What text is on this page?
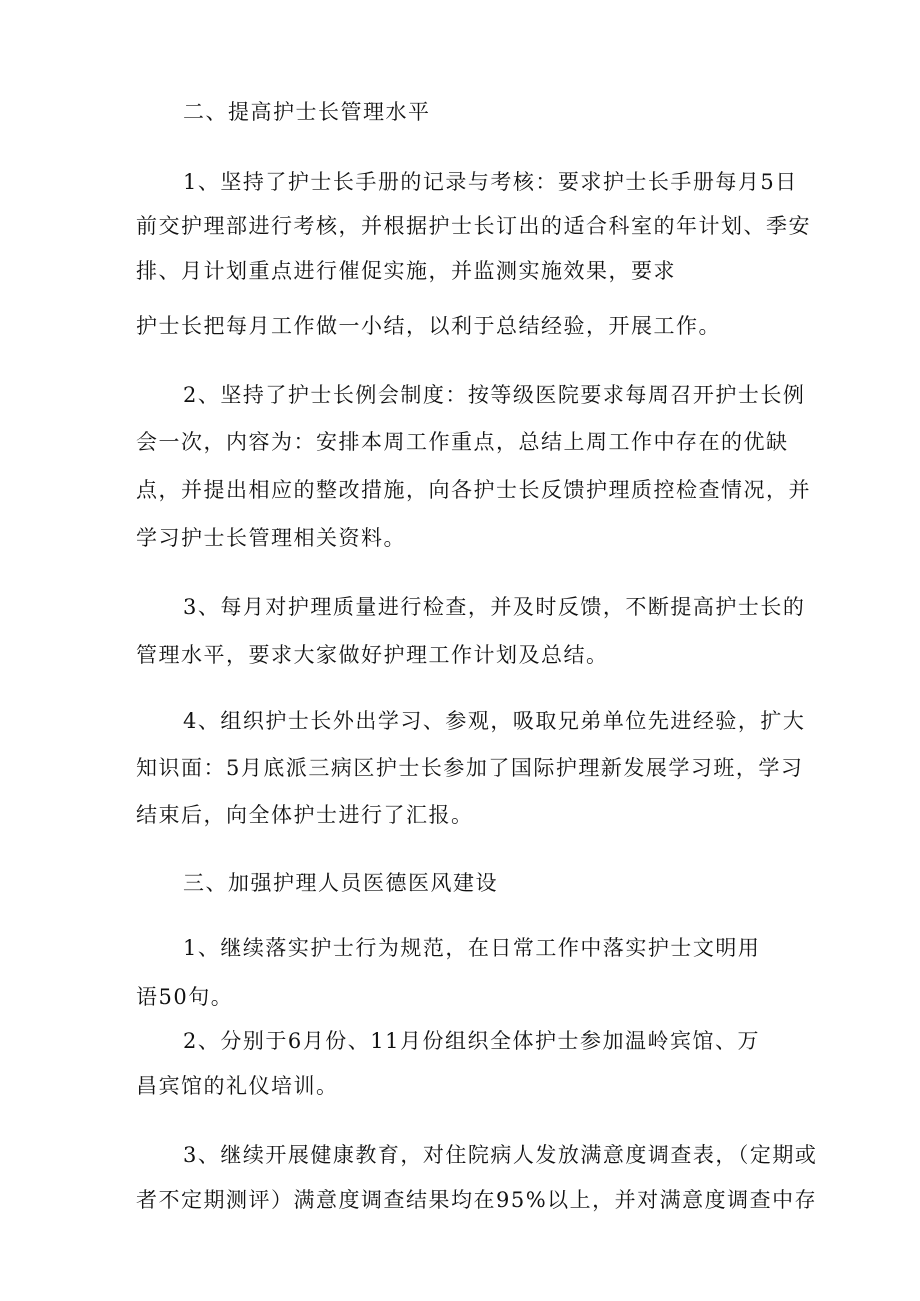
二、提高护士长管理水平
1、坚持了护士长手册的记录与考核：要求护士长手册每月5日
前交护理部进行考核，并根据护士长订出的适合科室的年计划、季安
排、月计划重点进行催促实施，并监测实施效果，要求
护士长把每月工作做一小结，以利于总结经验，开展工作。
2、坚持了护士长例会制度：按等级医院要求每周召开护士长例
会一次，内容为：安排本周工作重点，总结上周工作中存在的优缺
点，并提出相应的整改措施，向各护士长反馈护理质控检查情况，并
学习护士长管理相关资料。
3、每月对护理质量进行检查，并及时反馈，不断提高护士长的
管理水平，要求大家做好护理工作计划及总结。
4、组织护士长外出学习、参观，吸取兄弟单位先进经验，扩大
知识面：5月底派三病区护士长参加了国际护理新发展学习班，学习
结束后，向全体护士进行了汇报。
三、加强护理人员医德医风建设
1、继续落实护士行为规范，在日常工作中落实护士文明用
语50句。
2、分别于6月份、11月份组织全体护士参加温岭宾馆、万
昌宾馆的礼仪培训。
3、继续开展健康教育，对住院病人发放满意度调查表，（定期或
者不定期测评）满意度调查结果均在95%以上，并对满意度调查中存
